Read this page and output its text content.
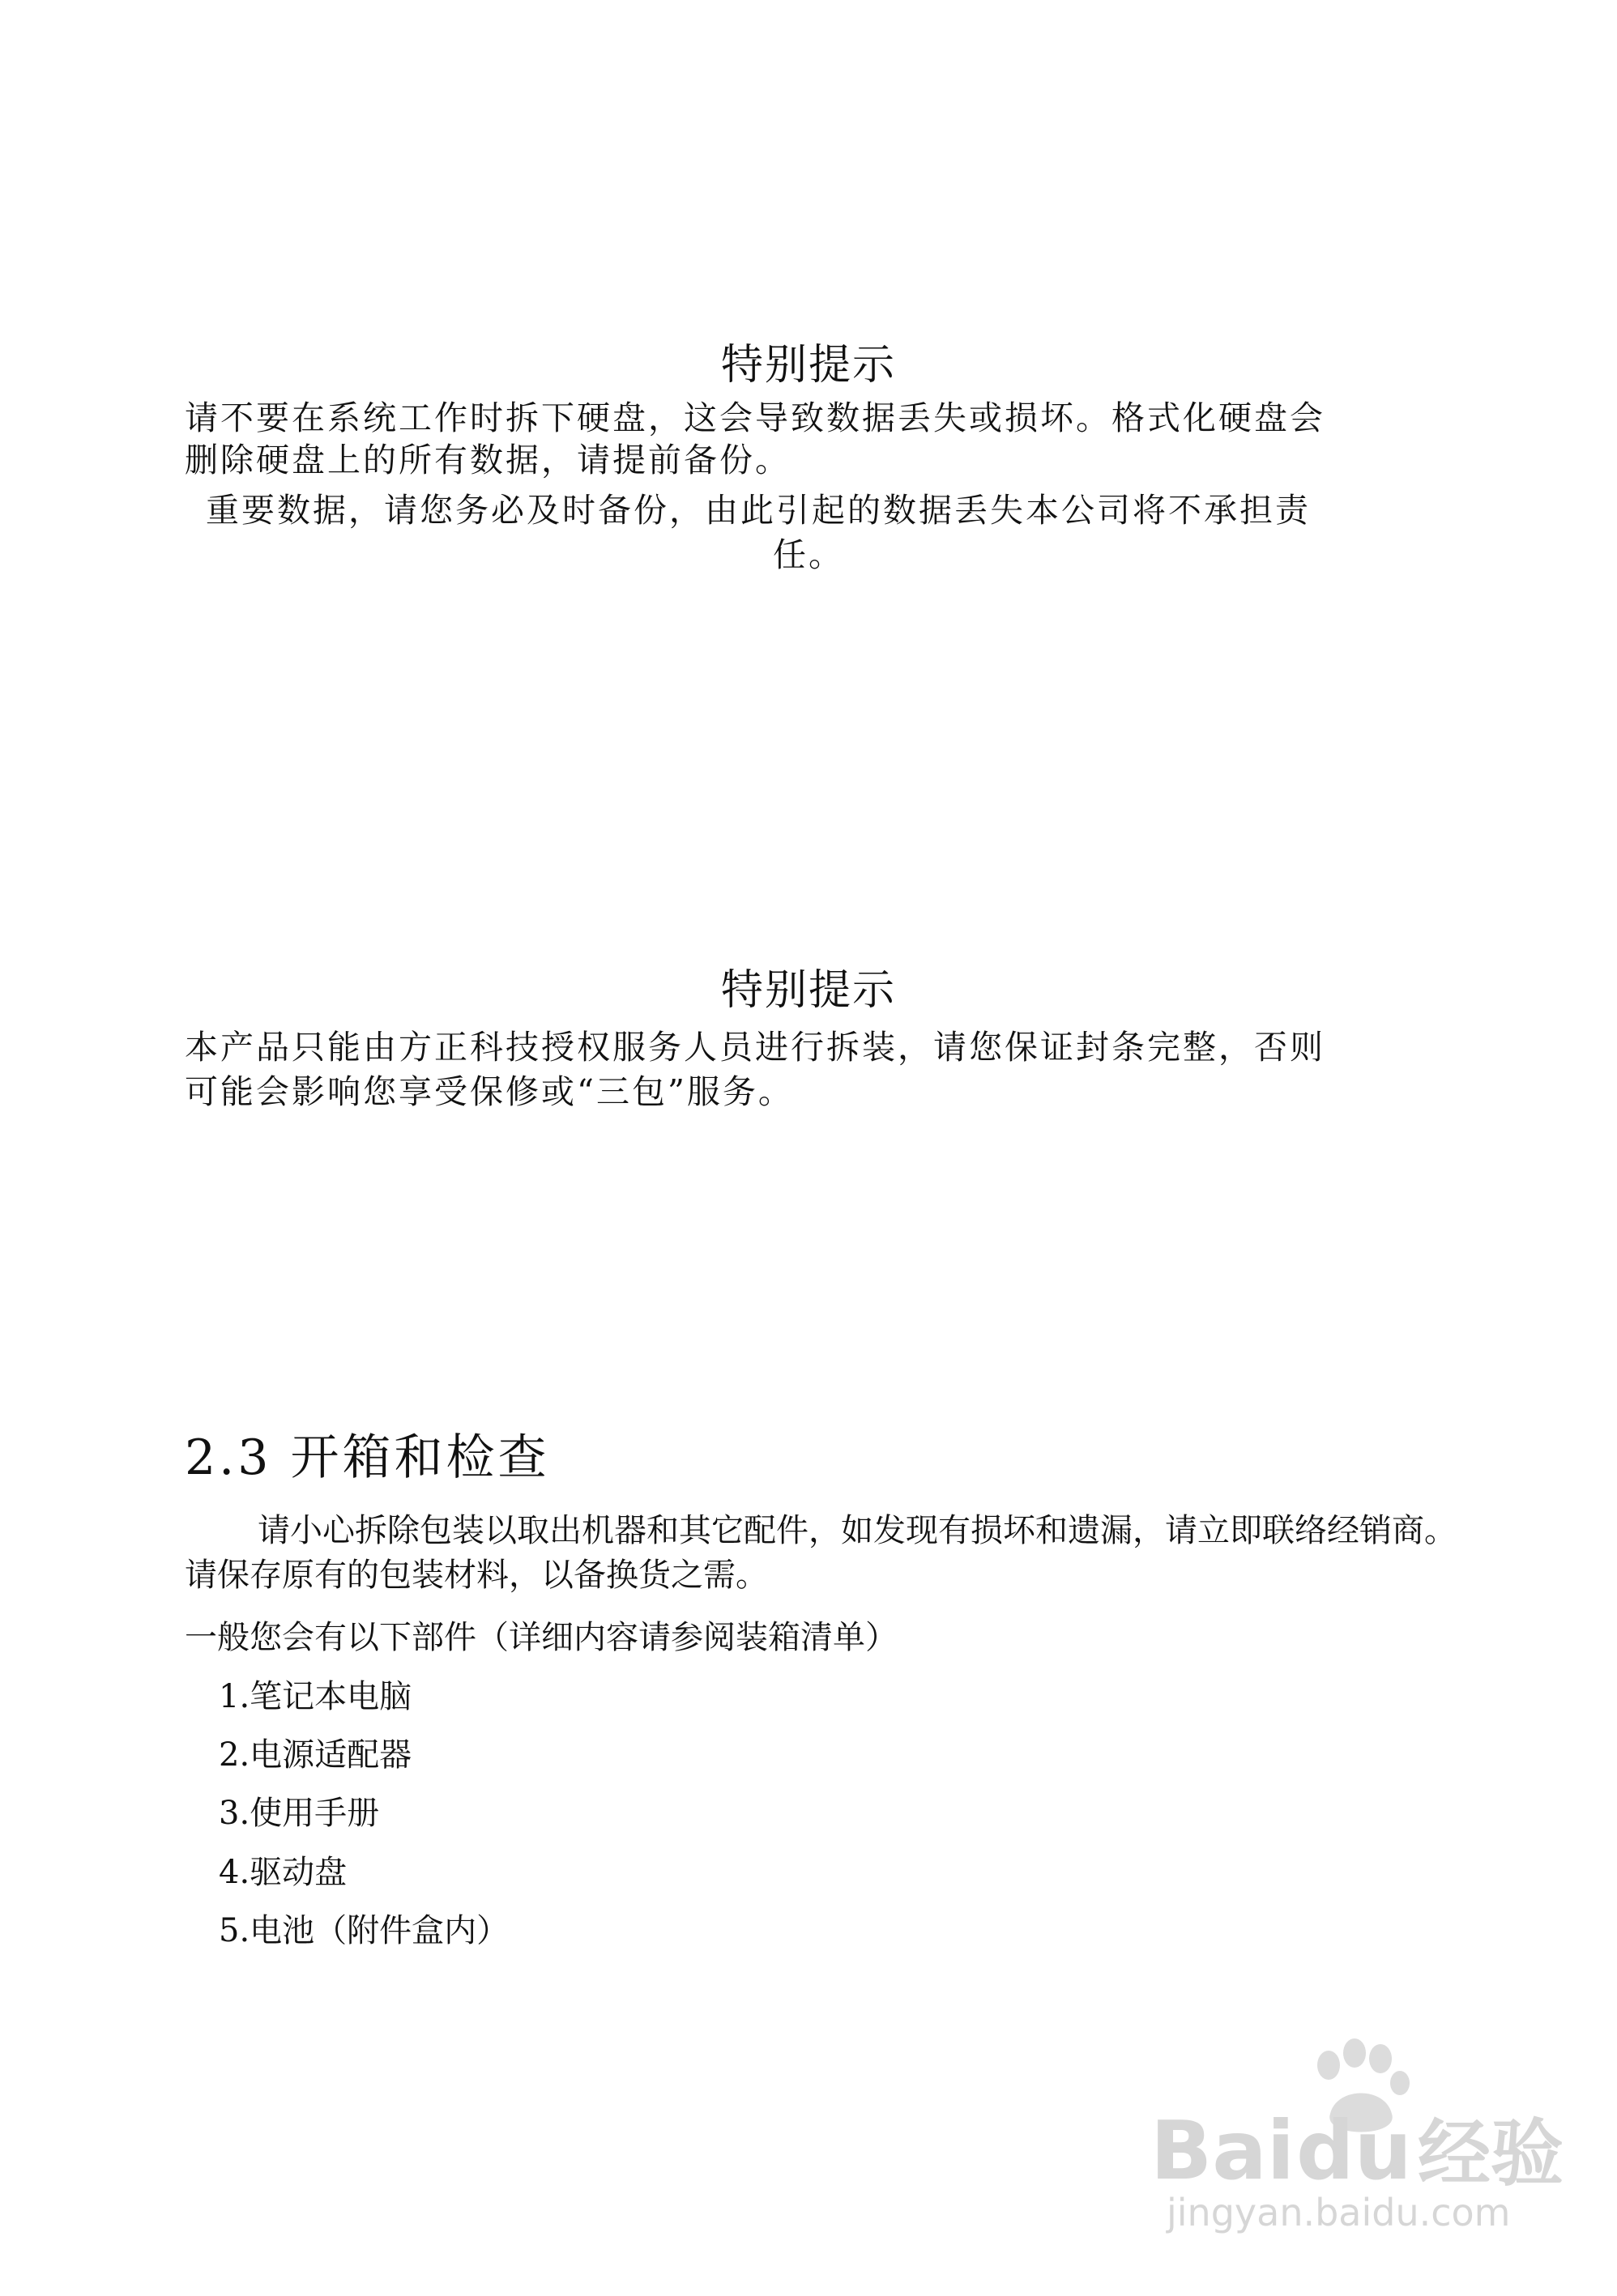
特别提示
请不要在系统工作时拆下硬盘，这会导致数据丢失或损坏。格式化硬盘会
删除硬盘上的所有数据，请提前备份。
重要数据，请您务必及时备份，由此引起的数据丢失本公司将不承担责
任。
特别提示
本产品只能由方正科技授权服务人员进行拆装，请您保证封条完整，否则
可能会影响您享受保修或“三包”服务。
2.3 开箱和检查
请小心拆除包装以取出机器和其它配件，如发现有损坏和遗漏，请立即联络经销商。
请保存原有的包装材料，以备换货之需。
一般您会有以下部件（详细内容请参阅装箱清单）
1.笔记本电脑
2.电源适配器
3.使用手册
4.驱动盘
5.电池（附件盒内）
Bai du 经验
jingyan.baidu.com
